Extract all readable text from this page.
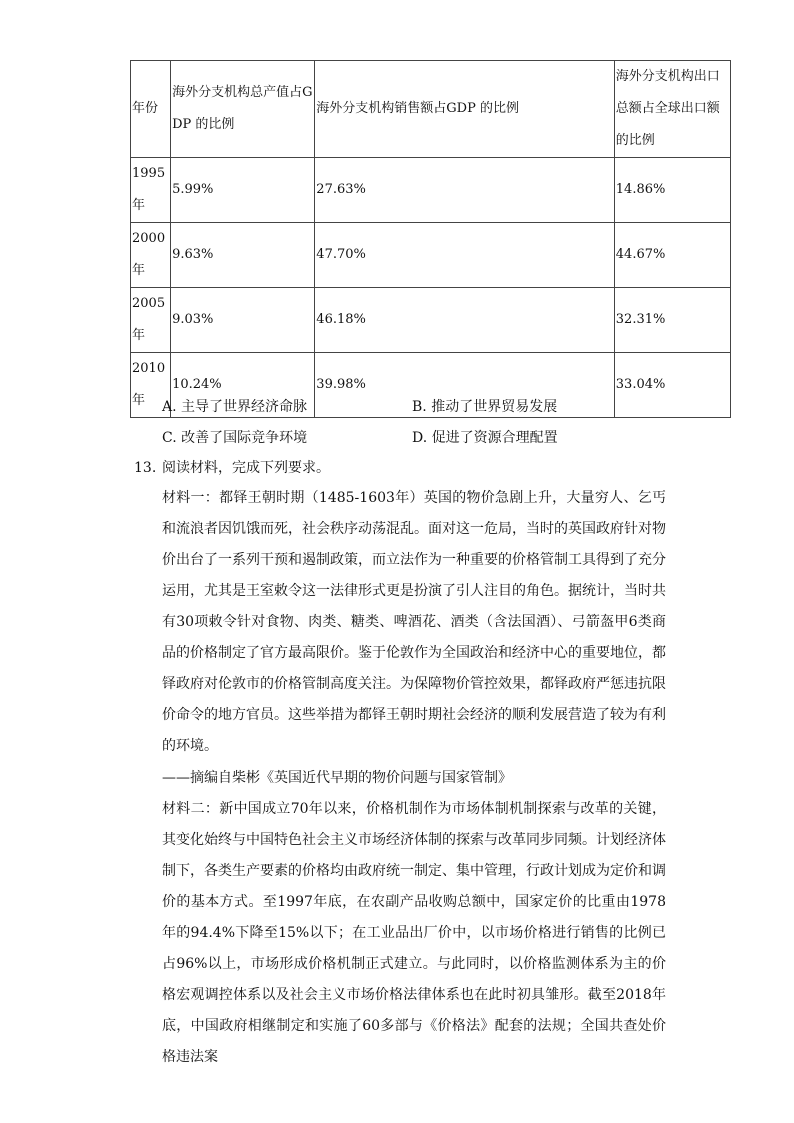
年份	海外分支机构总产值占GDP 的比例	海外分支机构销售额占GDP 的比例	海外分支机构出口总额占全球出口额的比例
1995年	5.99%	27.63%	14.86%
2000年	9.63%	47.70%	44.67%
2005年	9.03%	46.18%	32.31%
2010年	10.24%	39.98%	33.04%
A. 主导了世界经济命脉	B. 推动了世界贸易发展
C. 改善了国际竞争环境	D. 促进了资源合理配置
13. 阅读材料，完成下列要求。
材料一：都铎王朝时期（1485-1603年）英国的物价急剧上升，大量穷人、乞丐和流浪者因饥饿而死，社会秩序动荡混乱。面对这一危局，当时的英国政府针对物价出台了一系列干预和遏制政策，而立法作为一种重要的价格管制工具得到了充分运用，尤其是王室敕令这一法律形式更是扮演了引人注目的角色。据统计，当时共有30项敕令针对食物、肉类、糖类、啤酒花、酒类（含法国酒）、弓箭盔甲6类商品的价格制定了官方最高限价。鉴于伦敦作为全国政治和经济中心的重要地位，都铎政府对伦敦市的价格管制高度关注。为保障物价管控效果，都铎政府严惩违抗限价命令的地方官员。这些举措为都铎王朝时期社会经济的顺利发展营造了较为有利的环境。
——摘编自柴彬《英国近代早期的物价问题与国家管制》
材料二：新中国成立70年以来，价格机制作为市场体制机制探索与改革的关键，其变化始终与中国特色社会主义市场经济体制的探索与改革同步同频。计划经济体制下，各类生产要素的价格均由政府统一制定、集中管理，行政计划成为定价和调价的基本方式。至1997年底，在农副产品收购总额中，国家定价的比重由1978年的94.4%下降至15%以下；在工业品出厂价中，以市场价格进行销售的比例已占96%以上，市场形成价格机制正式建立。与此同时，以价格监测体系为主的价格宏观调控体系以及社会主义市场价格法律体系也在此时初具雏形。截至2018年底，中国政府相继制定和实施了60多部与《价格法》配套的法规；全国共查处价格违法案
